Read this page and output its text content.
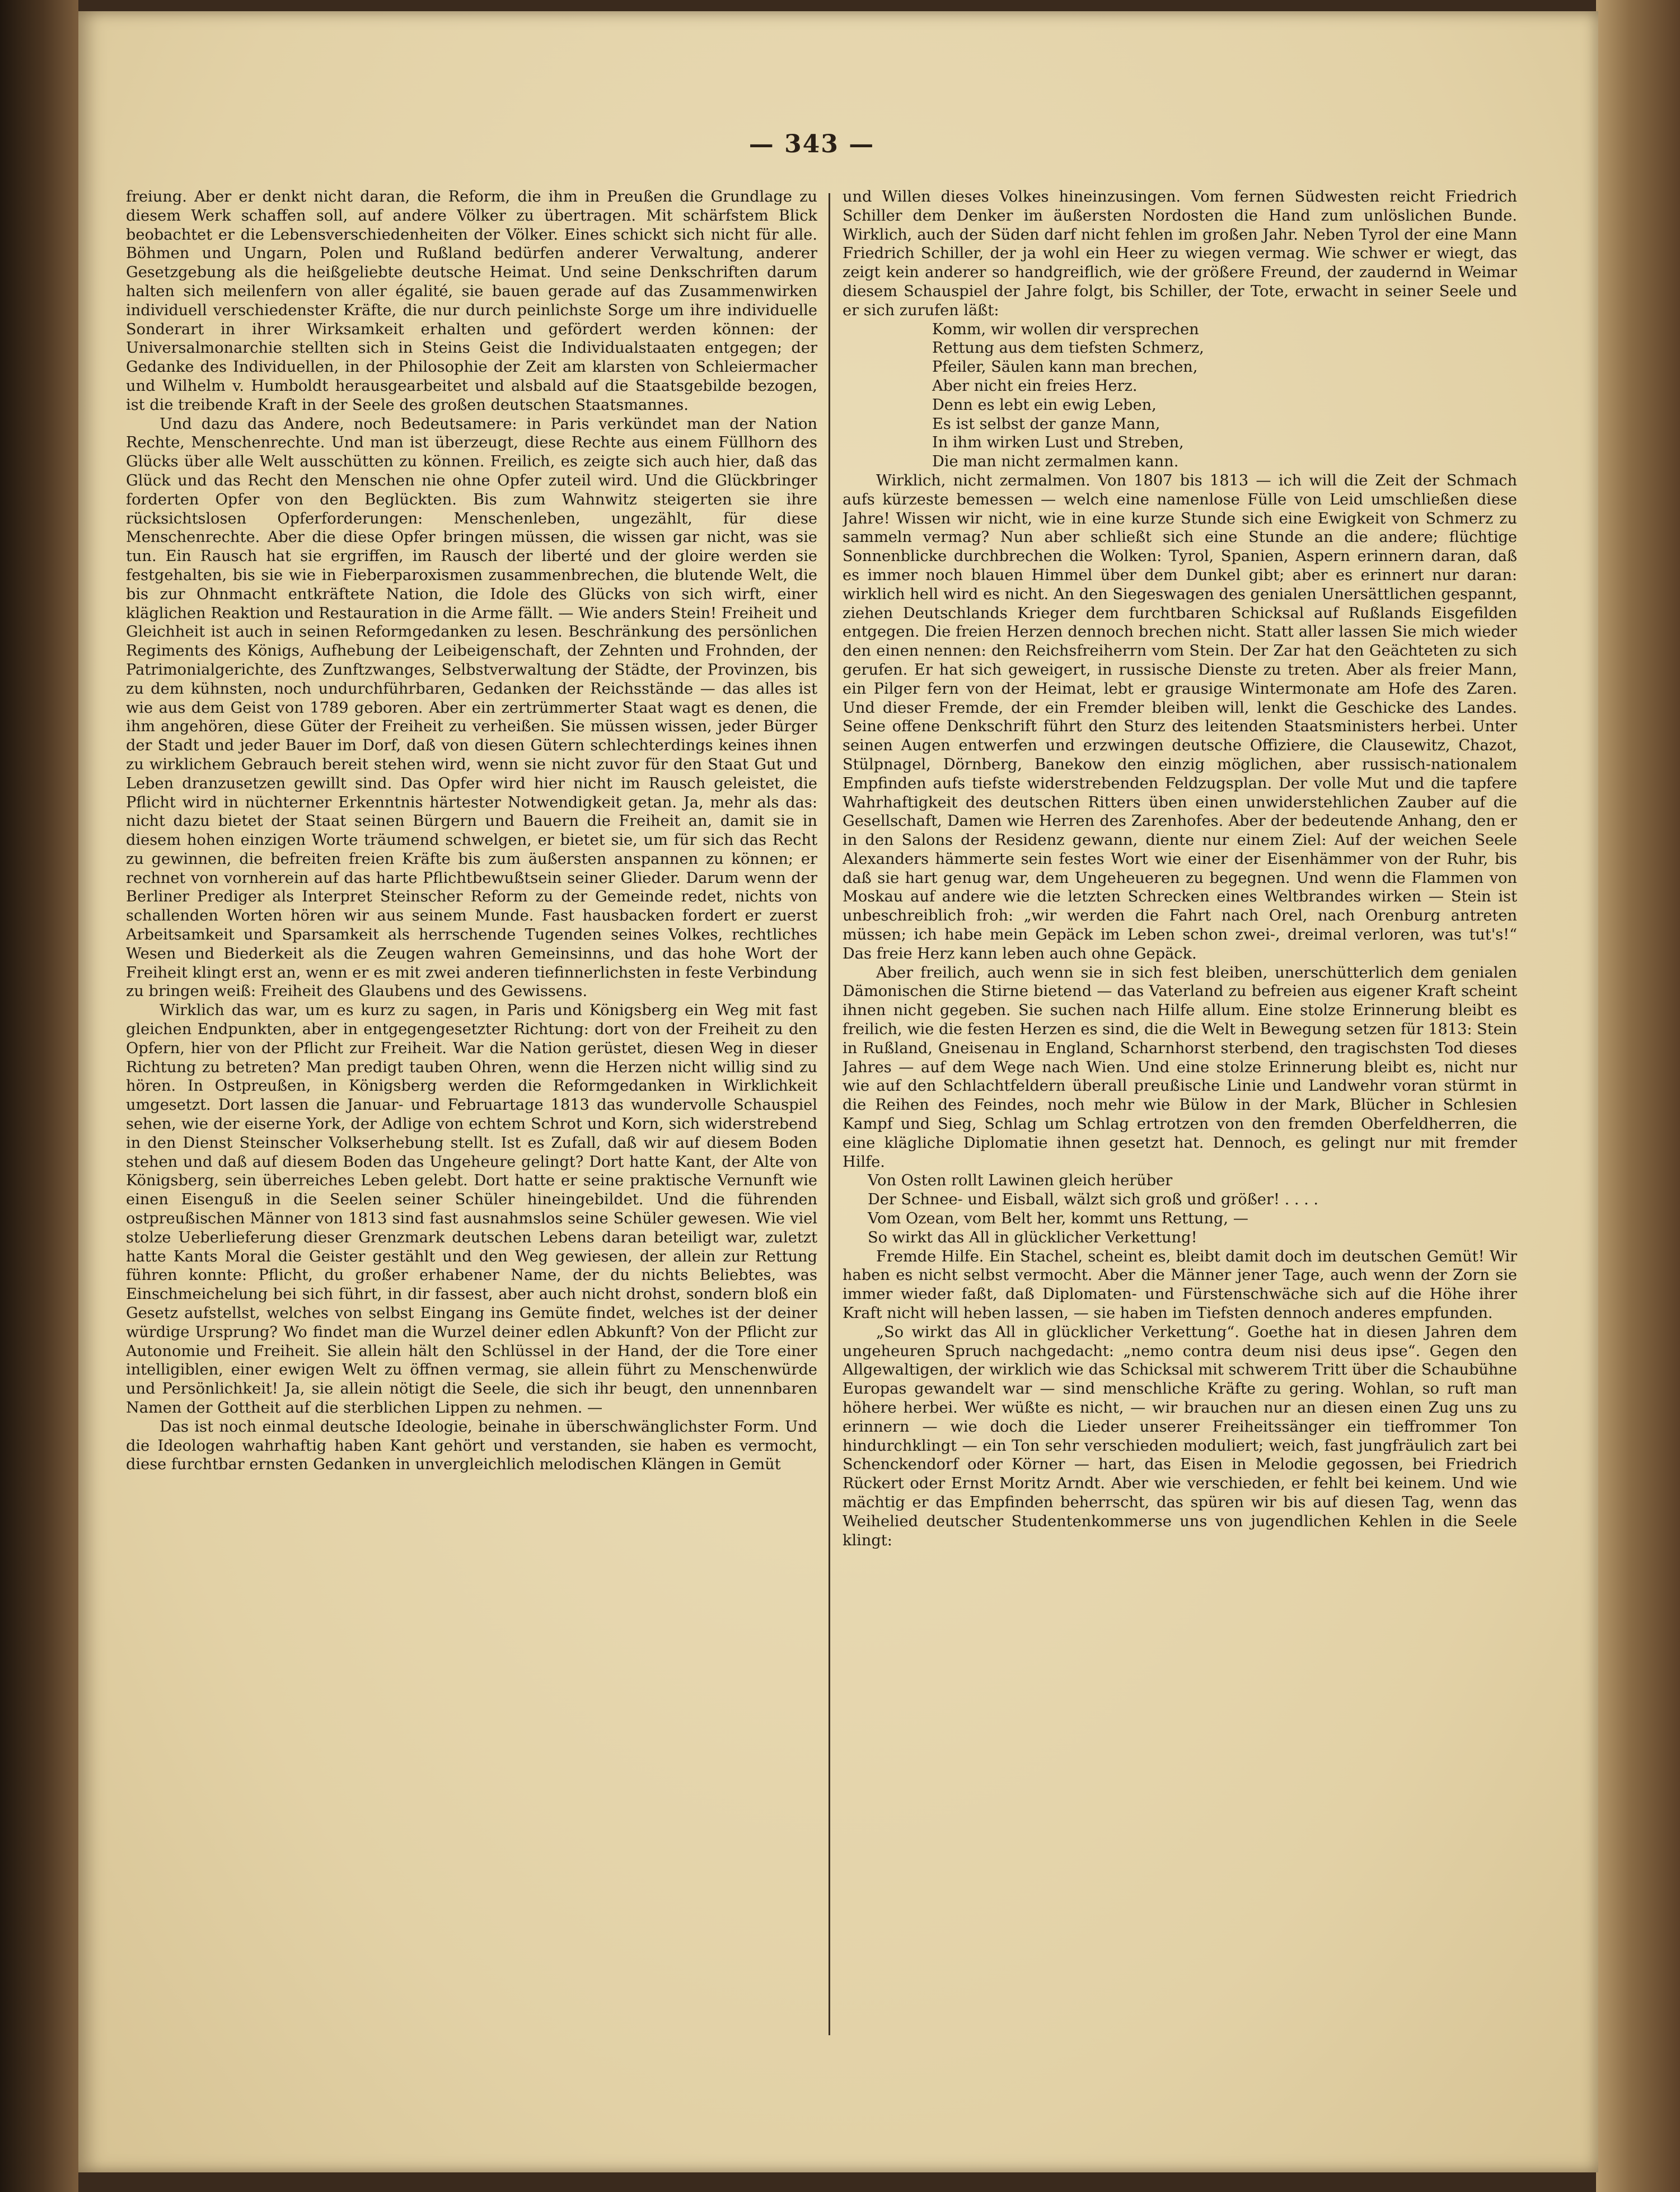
— 343 —

freiung. Aber er denkt nicht daran, die Reform, die ihm in Preußen die Grundlage zu diesem Werk schaffen soll, auf andere Völker zu übertragen. Mit schärfstem Blick beobachtet er die Lebensverschiedenheiten der Völker. Eines schickt sich nicht für alle. Böhmen und Ungarn, Polen und Rußland bedürfen anderer Verwaltung, anderer Gesetzgebung als die heißgeliebte deutsche Heimat. Und seine Denkschriften darum halten sich meilenfern von aller égalité, sie bauen gerade auf das Zusammenwirken individuell verschiedenster Kräfte, die nur durch peinlichste Sorge um ihre individuelle Sonderart in ihrer Wirksamkeit erhalten und gefördert werden können: der Universalmonarchie stellten sich in Steins Geist die Individualstaaten entgegen; der Gedanke des Individuellen, in der Philosophie der Zeit am klarsten von Schleiermacher und Wilhelm v. Humboldt herausgearbeitet und alsbald auf die Staatsgebilde bezogen, ist die treibende Kraft in der Seele des großen deutschen Staatsmannes.

Und dazu das Andere, noch Bedeutsamere: in Paris verkündet man der Nation Rechte, Menschenrechte. Und man ist überzeugt, diese Rechte aus einem Füllhorn des Glücks über alle Welt ausschütten zu können. Freilich, es zeigte sich auch hier, daß das Glück und das Recht den Menschen nie ohne Opfer zuteil wird. Und die Glückbringer forderten Opfer von den Beglückten. Bis zum Wahnwitz steigerten sie ihre rücksichtslosen Opferforderungen: Menschenleben, ungezählt, für diese Menschenrechte. Aber die diese Opfer bringen müssen, die wissen gar nicht, was sie tun. Ein Rausch hat sie ergriffen, im Rausch der liberté und der gloire werden sie festgehalten, bis sie wie in Fieberparoxismen zusammenbrechen, die blutende Welt, die bis zur Ohnmacht entkräftete Nation, die Idole des Glücks von sich wirft, einer kläglichen Reaktion und Restauration in die Arme fällt. — Wie anders Stein! Freiheit und Gleichheit ist auch in seinen Reformgedanken zu lesen. Beschränkung des persönlichen Regiments des Königs, Aufhebung der Leibeigenschaft, der Zehnten und Frohnden, der Patrimonialgerichte, des Zunftzwanges, Selbstverwaltung der Städte, der Provinzen, bis zu dem kühnsten, noch undurchführbaren, Gedanken der Reichsstände — das alles ist wie aus dem Geist von 1789 geboren. Aber ein zertrümmerter Staat wagt es denen, die ihm angehören, diese Güter der Freiheit zu verheißen. Sie müssen wissen, jeder Bürger der Stadt und jeder Bauer im Dorf, daß von diesen Gütern schlechterdings keines ihnen zu wirklichem Gebrauch bereit stehen wird, wenn sie nicht zuvor für den Staat Gut und Leben dranzusetzen gewillt sind. Das Opfer wird hier nicht im Rausch geleistet, die Pflicht wird in nüchterner Erkenntnis härtester Notwendigkeit getan. Ja, mehr als das: nicht dazu bietet der Staat seinen Bürgern und Bauern die Freiheit an, damit sie in diesem hohen einzigen Worte träumend schwelgen, er bietet sie, um für sich das Recht zu gewinnen, die befreiten freien Kräfte bis zum äußersten anspannen zu können; er rechnet von vornherein auf das harte Pflichtbewußtsein seiner Glieder. Darum wenn der Berliner Prediger als Interpret Steinscher Reform zu der Gemeinde redet, nichts von schallenden Worten hören wir aus seinem Munde. Fast hausbacken fordert er zuerst Arbeitsamkeit und Sparsamkeit als herrschende Tugenden seines Volkes, rechtliches Wesen und Biederkeit als die Zeugen wahren Gemeinsinns, und das hohe Wort der Freiheit klingt erst an, wenn er es mit zwei anderen tiefinnerlichsten in feste Verbindung zu bringen weiß: Freiheit des Glaubens und des Gewissens.

Wirklich das war, um es kurz zu sagen, in Paris und Königsberg ein Weg mit fast gleichen Endpunkten, aber in entgegengesetzter Richtung: dort von der Freiheit zu den Opfern, hier von der Pflicht zur Freiheit. War die Nation gerüstet, diesen Weg in dieser Richtung zu betreten? Man predigt tauben Ohren, wenn die Herzen nicht willig sind zu hören. In Ostpreußen, in Königsberg werden die Reformgedanken in Wirklichkeit umgesetzt. Dort lassen die Januar- und Februartage 1813 das wundervolle Schauspiel sehen, wie der eiserne York, der Adlige von echtem Schrot und Korn, sich widerstrebend in den Dienst Steinscher Volkserhebung stellt. Ist es Zufall, daß wir auf diesem Boden stehen und daß auf diesem Boden das Ungeheure gelingt? Dort hatte Kant, der Alte von Königsberg, sein überreiches Leben gelebt. Dort hatte er seine praktische Vernunft wie einen Eisenguß in die Seelen seiner Schüler hineingebildet. Und die führenden ostpreußischen Männer von 1813 sind fast ausnahmslos seine Schüler gewesen. Wie viel stolze Ueberlieferung dieser Grenzmark deutschen Lebens daran beteiligt war, zuletzt hatte Kants Moral die Geister gestählt und den Weg gewiesen, der allein zur Rettung führen konnte: Pflicht, du großer erhabener Name, der du nichts Beliebtes, was Einschmeichelung bei sich führt, in dir fassest, aber auch nicht drohst, sondern bloß ein Gesetz aufstellst, welches von selbst Eingang ins Gemüte findet, welches ist der deiner würdige Ursprung? Wo findet man die Wurzel deiner edlen Abkunft? Von der Pflicht zur Autonomie und Freiheit. Sie allein hält den Schlüssel in der Hand, der die Tore einer intelligiblen, einer ewigen Welt zu öffnen vermag, sie allein führt zu Menschenwürde und Persönlichkeit! Ja, sie allein nötigt die Seele, die sich ihr beugt, den unnennbaren Namen der Gottheit auf die sterblichen Lippen zu nehmen. —

Das ist noch einmal deutsche Ideologie, beinahe in überschwänglichster Form. Und die Ideologen wahrhaftig haben Kant gehört und verstanden, sie haben es vermocht, diese furchtbar ernsten Gedanken in unvergleichlich melodischen Klängen in Gemüt

und Willen dieses Volkes hineinzusingen. Vom fernen Südwesten reicht Friedrich Schiller dem Denker im äußersten Nordosten die Hand zum unlöslichen Bunde. Wirklich, auch der Süden darf nicht fehlen im großen Jahr. Neben Tyrol der eine Mann Friedrich Schiller, der ja wohl ein Heer zu wiegen vermag. Wie schwer er wiegt, das zeigt kein anderer so handgreiflich, wie der größere Freund, der zaudernd in Weimar diesem Schauspiel der Jahre folgt, bis Schiller, der Tote, erwacht in seiner Seele und er sich zurufen läßt:

Komm, wir wollen dir versprechen
Rettung aus dem tiefsten Schmerz,
Pfeiler, Säulen kann man brechen,
Aber nicht ein freies Herz.
Denn es lebt ein ewig Leben,
Es ist selbst der ganze Mann,
In ihm wirken Lust und Streben,
Die man nicht zermalmen kann.

Wirklich, nicht zermalmen. Von 1807 bis 1813 — ich will die Zeit der Schmach aufs kürzeste bemessen — welch eine namenlose Fülle von Leid umschließen diese Jahre! Wissen wir nicht, wie in eine kurze Stunde sich eine Ewigkeit von Schmerz zu sammeln vermag? Nun aber schließt sich eine Stunde an die andere; flüchtige Sonnenblicke durchbrechen die Wolken: Tyrol, Spanien, Aspern erinnern daran, daß es immer noch blauen Himmel über dem Dunkel gibt; aber es erinnert nur daran: wirklich hell wird es nicht. An den Siegeswagen des genialen Unersättlichen gespannt, ziehen Deutschlands Krieger dem furchtbaren Schicksal auf Rußlands Eisgefilden entgegen. Die freien Herzen dennoch brechen nicht. Statt aller lassen Sie mich wieder den einen nennen: den Reichsfreiherrn vom Stein. Der Zar hat den Geächteten zu sich gerufen. Er hat sich geweigert, in russische Dienste zu treten. Aber als freier Mann, ein Pilger fern von der Heimat, lebt er grausige Wintermonate am Hofe des Zaren. Und dieser Fremde, der ein Fremder bleiben will, lenkt die Geschicke des Landes. Seine offene Denkschrift führt den Sturz des leitenden Staatsministers herbei. Unter seinen Augen entwerfen und erzwingen deutsche Offiziere, die Clausewitz, Chazot, Stülpnagel, Dörnberg, Banekow den einzig möglichen, aber russisch-nationalem Empfinden aufs tiefste widerstrebenden Feldzugsplan. Der volle Mut und die tapfere Wahrhaftigkeit des deutschen Ritters üben einen unwiderstehlichen Zauber auf die Gesellschaft, Damen wie Herren des Zarenhofes. Aber der bedeutende Anhang, den er in den Salons der Residenz gewann, diente nur einem Ziel: Auf der weichen Seele Alexanders hämmerte sein festes Wort wie einer der Eisenhämmer von der Ruhr, bis daß sie hart genug war, dem Ungeheueren zu begegnen. Und wenn die Flammen von Moskau auf andere wie die letzten Schrecken eines Weltbrandes wirken — Stein ist unbeschreiblich froh: „wir werden die Fahrt nach Orel, nach Orenburg antreten müssen; ich habe mein Gepäck im Leben schon zwei-, dreimal verloren, was tut's!“ Das freie Herz kann leben auch ohne Gepäck.

Aber freilich, auch wenn sie in sich fest bleiben, unerschütterlich dem genialen Dämonischen die Stirne bietend — das Vaterland zu befreien aus eigener Kraft scheint ihnen nicht gegeben. Sie suchen nach Hilfe allum. Eine stolze Erinnerung bleibt es freilich, wie die festen Herzen es sind, die die Welt in Bewegung setzen für 1813: Stein in Rußland, Gneisenau in England, Scharnhorst sterbend, den tragischsten Tod dieses Jahres — auf dem Wege nach Wien. Und eine stolze Erinnerung bleibt es, nicht nur wie auf den Schlachtfeldern überall preußische Linie und Landwehr voran stürmt in die Reihen des Feindes, noch mehr wie Bülow in der Mark, Blücher in Schlesien Kampf und Sieg, Schlag um Schlag ertrotzen von den fremden Oberfeldherren, die eine klägliche Diplomatie ihnen gesetzt hat. Dennoch, es gelingt nur mit fremder Hilfe.

Von Osten rollt Lawinen gleich herüber
Der Schnee- und Eisball, wälzt sich groß und größer! . . . .
Vom Ozean, vom Belt her, kommt uns Rettung, —
So wirkt das All in glücklicher Verkettung!

Fremde Hilfe. Ein Stachel, scheint es, bleibt damit doch im deutschen Gemüt! Wir haben es nicht selbst vermocht. Aber die Männer jener Tage, auch wenn der Zorn sie immer wieder faßt, daß Diplomaten- und Fürstenschwäche sich auf die Höhe ihrer Kraft nicht will heben lassen, — sie haben im Tiefsten dennoch anderes empfunden.

„So wirkt das All in glücklicher Verkettung“. Goethe hat in diesen Jahren dem ungeheuren Spruch nachgedacht: „nemo contra deum nisi deus ipse“. Gegen den Allgewaltigen, der wirklich wie das Schicksal mit schwerem Tritt über die Schaubühne Europas gewandelt war — sind menschliche Kräfte zu gering. Wohlan, so ruft man höhere herbei. Wer wüßte es nicht, — wir brauchen nur an diesen einen Zug uns zu erinnern — wie doch die Lieder unserer Freiheitssänger ein tieffrommer Ton hindurchklingt — ein Ton sehr verschieden moduliert; weich, fast jungfräulich zart bei Schenckendorf oder Körner — hart, das Eisen in Melodie gegossen, bei Friedrich Rückert oder Ernst Moritz Arndt. Aber wie verschieden, er fehlt bei keinem. Und wie mächtig er das Empfinden beherrscht, das spüren wir bis auf diesen Tag, wenn das Weihelied deutscher Studentenkommerse uns von jugendlichen Kehlen in die Seele klingt:
